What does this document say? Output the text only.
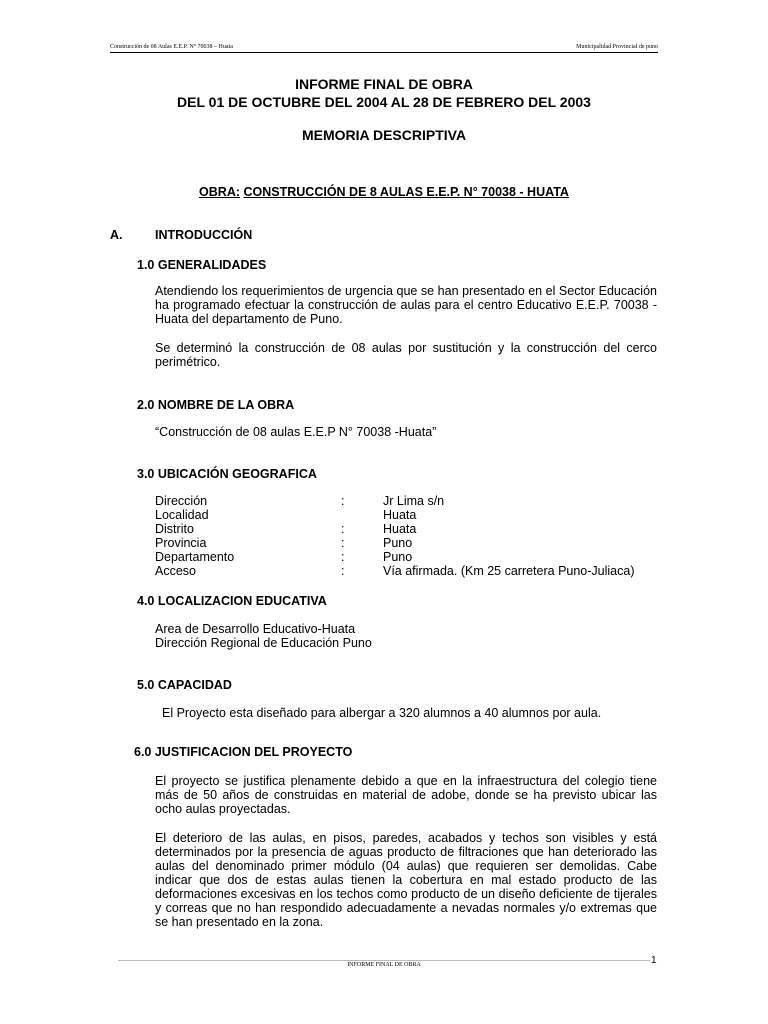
Construcción de 08 Aulas E.E.P. N° 70038 – Huata	Municipalidad Provincial de puno
INFORME FINAL DE OBRA
DEL 01 DE OCTUBRE DEL 2004 AL 28 DE FEBRERO DEL 2003
MEMORIA DESCRIPTIVA
OBRA: CONSTRUCCIÓN DE 8 AULAS E.E.P. N° 70038 - HUATA
A.	INTRODUCCIÓN
1.0 GENERALIDADES
Atendiendo los requerimientos de urgencia que se han presentado en el Sector Educación ha programado efectuar la construcción de aulas para el centro Educativo E.E.P. 70038 - Huata del departamento de Puno.
Se determinó la construcción de 08 aulas por sustitución y la construcción del cerco perimétrico.
2.0 NOMBRE DE LA OBRA
“Construcción de 08 aulas E.E.P N° 70038 -Huata”
3.0 UBICACIÓN GEOGRAFICA
Dirección	:	Jr Lima s/n
Localidad		Huata
Distrito	:	Huata
Provincia	:	Puno
Departamento	:	Puno
Acceso	:	Vía afirmada. (Km 25 carretera Puno-Juliaca)
4.0 LOCALIZACION EDUCATIVA
Area de Desarrollo Educativo-Huata
Dirección Regional de Educación Puno
5.0 CAPACIDAD
El Proyecto esta diseñado para albergar a 320 alumnos a 40 alumnos por aula.
6.0 JUSTIFICACION DEL PROYECTO
El proyecto se justifica plenamente debido a que en la infraestructura del colegio tiene más de 50 años de construidas en material de adobe, donde se ha previsto ubicar las ocho aulas proyectadas.
El deterioro de las aulas, en pisos, paredes, acabados y techos son visibles y está determinados por la presencia de aguas producto de filtraciones que han deteriorado las aulas del denominado primer módulo (04 aulas) que requieren ser demolidas. Cabe indicar que dos de estas aulas tienen la cobertura en mal estado producto de las deformaciones excesivas en los techos como producto de un diseño deficiente de tijerales y correas que no han respondido adecuadamente a nevadas normales y/o extremas que se han presentado en la zona.
INFORME FINAL DE OBRA	1
